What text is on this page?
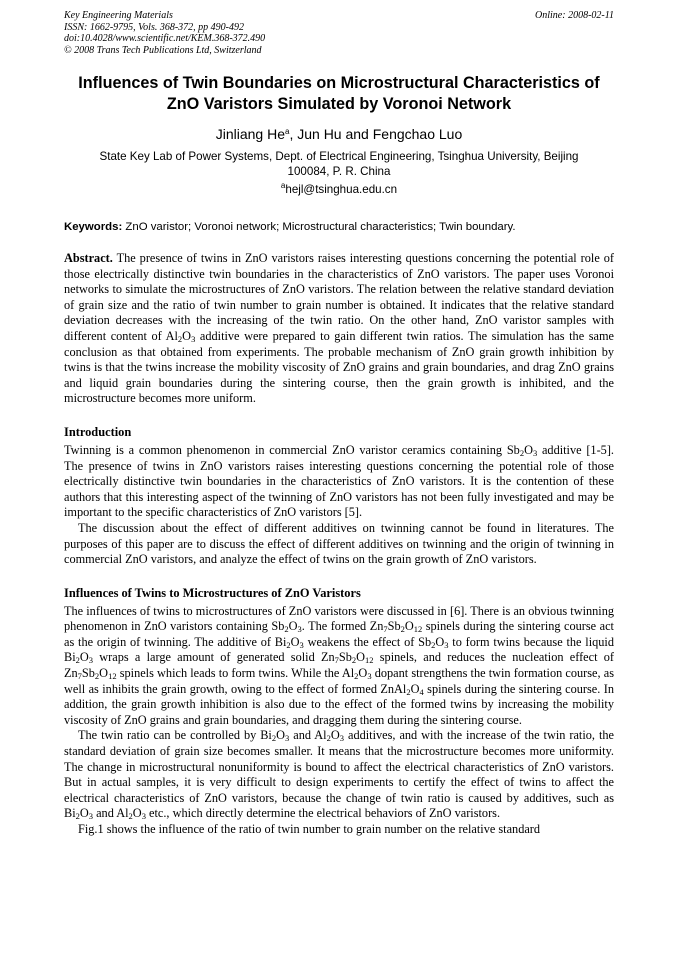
Key Engineering Materials
ISSN: 1662-9795, Vols. 368-372, pp 490-492
doi:10.4028/www.scientific.net/KEM.368-372.490
© 2008 Trans Tech Publications Ltd, Switzerland
Online: 2008-02-11
Influences of Twin Boundaries on Microstructural Characteristics of
ZnO Varistors Simulated by Voronoi Network
Jinliang He$^a$, Jun Hu and Fengchao Luo
State Key Lab of Power Systems, Dept. of Electrical Engineering, Tsinghua University, Beijing
100084, P. R. China
$^a$hejl@tsinghua.edu.cn
Keywords: ZnO varistor; Voronoi network; Microstructural characteristics; Twin boundary.

Abstract. The presence of twins in ZnO varistors raises interesting questions concerning the potential role of those electrically distinctive twin boundaries in the characteristics of ZnO varistors. The paper uses Voronoi networks to simulate the microstructures of ZnO varistors. The relation between the relative standard deviation of grain size and the ratio of twin number to grain number is obtained. It indicates that the relative standard deviation decreases with the increasing of the twin ratio. On the other hand, ZnO varistor samples with different content of $Al_2O_3$ additive were prepared to gain different twin ratios. The simulation has the same conclusion as that obtained from experiments. The probable mechanism of ZnO grain growth inhibition by twins is that the twins increase the mobility viscosity of ZnO grains and grain boundaries, and drag ZnO grains and liquid grain boundaries during the sintering course, then the grain growth is inhibited, and the microstructure becomes more uniform.

Introduction

Twinning is a common phenomenon in commercial ZnO varistor ceramics containing $Sb_2O_3$ additive [1-5]. The presence of twins in ZnO varistors raises interesting questions concerning the potential role of those electrically distinctive twin boundaries in the characteristics of ZnO varistors. It is the contention of these authors that this interesting aspect of the twinning of ZnO varistors has not been fully investigated and may be important to the specific characteristics of ZnO varistors [5].

The discussion about the effect of different additives on twinning cannot be found in literatures. The purposes of this paper are to discuss the effect of different additives on twinning and the origin of twinning in commercial ZnO varistors, and analyze the effect of twins on the grain growth of ZnO varistors.

Influences of Twins to Microstructures of ZnO Varistors

The influences of twins to microstructures of ZnO varistors were discussed in [6]. There is an obvious twinning phenomenon in ZnO varistors containing $Sb_2O_3$. The formed $Zn_7Sb_2O_{12}$ spinels during the sintering course act as the origin of twinning. The additive of $Bi_2O_3$ weakens the effect of $Sb_2O_3$ to form twins because the liquid $Bi_2O_3$ wraps a large amount of generated solid $Zn_7Sb_2O_{12}$ spinels, and reduces the nucleation effect of $Zn_7Sb_2O_{12}$ spinels which leads to form twins. While the $Al_2O_3$ dopant strengthens the twin formation course, as well as inhibits the grain growth, owing to the effect of formed $ZnAl_2O_4$ spinels during the sintering course. In addition, the grain growth inhibition is also due to the effect of the formed twins by increasing the mobility viscosity of ZnO grains and grain boundaries, and dragging them during the sintering course.

The twin ratio can be controlled by $Bi_2O_3$ and $Al_2O_3$ additives, and with the increase of the twin ratio, the standard deviation of grain size becomes smaller. It means that the microstructure becomes more uniformity. The change in microstructural nonuniformity is bound to affect the electrical characteristics of ZnO varistors. But in actual samples, it is very difficult to design experiments to certify the effect of twins to affect the electrical characteristics of ZnO varistors, because the change of twin ratio is caused by additives, such as $Bi_2O_3$ and $Al_2O_3$ etc., which directly determine the electrical behaviors of ZnO varistors.

Fig.1 shows the influence of the ratio of twin number to grain number on the relative standard
